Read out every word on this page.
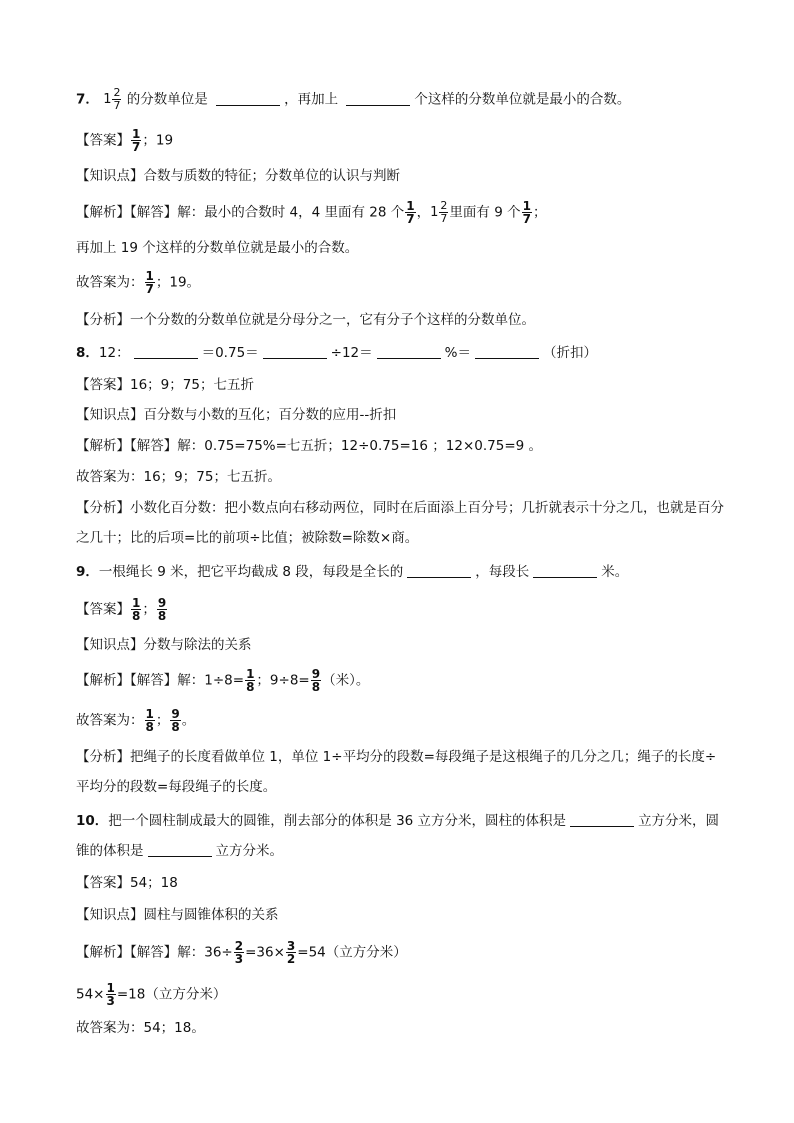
7． $1 \frac{2}{7}$ 的分数单位是	，再加上	个这样的分数单位就是最小的合数。
【答案】 $\frac{1}{7}$ ；19
【知识点】合数与质数的特征；分数单位的认识与判断
【解析】【解答】解：最小的合数时 4，4 里面有 28 个 $\frac{1}{7}$ ， $1 \frac{2}{7}$ 里面有 9 个 $\frac{1}{7}$ ；
再加上 19 个这样的分数单位就是最小的合数。
故答案为： $\frac{1}{7}$ ；19。
【分析】一个分数的分数单位就是分母分之一，它有分子个这样的分数单位。
8．12：	＝0.75＝	÷12＝	%＝	（折扣）
【答案】16；9；75；七五折
【知识点】百分数与小数的互化；百分数的应用--折扣
【解析】【解答】解：0.75=75%=七五折；12÷0.75=16 ；12×0.75=9 。
故答案为：16；9；75；七五折。
【分析】小数化百分数：把小数点向右移动两位，同时在后面添上百分号；几折就表示十分之几，也就是百分之几十；比的后项=比的前项÷比值；被除数=除数×商。
9．一根绳长 9 米，把它平均截成 8 段，每段是全长的	，每段长	米。
【答案】 $\frac{1}{8}$ ； $\frac{9}{8}$
【知识点】分数与除法的关系
【解析】【解答】解：$1\div 8= \frac{1}{8}$ ；$9\div 8= \frac{9}{8}$ （米）。
故答案为： $\frac{1}{8}$ ； $\frac{9}{8}$ 。
【分析】把绳子的长度看做单位 1，单位 1÷平均分的段数=每段绳子是这根绳子的几分之几；绳子的长度÷平均分的段数=每段绳子的长度。
10．把一个圆柱制成最大的圆锥，削去部分的体积是 36 立方分米，圆柱的体积是	立方分米，圆锥的体积是	立方分米。
【答案】54；18
【知识点】圆柱与圆锥体积的关系
【解析】【解答】解：$36\div \frac{2}{3} =36\times \frac{3}{2} =54$（立方分米）
$54\times \frac{1}{3} =18$（立方分米）
故答案为：54；18。
